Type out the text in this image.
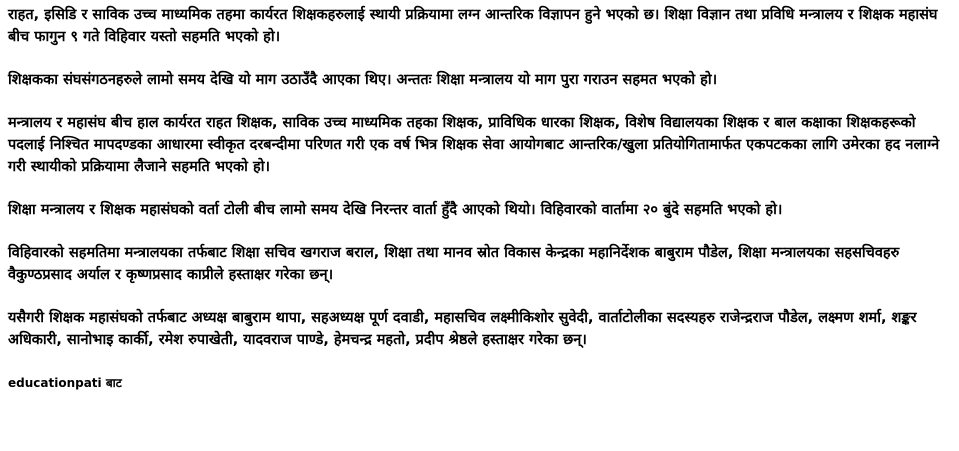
राहत, इसिडि र साविक उच्च माध्यमिक तहमा कार्यरत शिक्षकहरुलाई स्थायी प्रक्रियामा लग्न आन्तरिक विज्ञापन हुने भएको छ। शिक्षा विज्ञान तथा प्रविधि मन्त्रालय र शिक्षक महासंघ बीच फागुन ९ गते विहिवार यस्तो सहमति भएको हो।

शिक्षकका संघसंगठनहरुले लामो समय देखि यो माग उठाउँदै आएका थिए। अन्ततः शिक्षा मन्त्रालय यो माग पुरा गराउन सहमत भएको हो।

मन्त्रालय र महासंघ बीच हाल कार्यरत राहत शिक्षक, साविक उच्च माध्यमिक तहका शिक्षक, प्राविधिक धारका शिक्षक, विशेष विद्यालयका शिक्षक र बाल कक्षाका शिक्षकहरूको पदलाई निश्चित मापदण्डका आधारमा स्वीकृत दरबन्दीमा परिणत गरी एक वर्ष भित्र शिक्षक सेवा आयोगबाट आन्तरिक/खुला प्रतियोगितामार्फत एकपटकका लागि उमेरका हद नलाग्ने गरी स्थायीको प्रक्रियामा लैजाने सहमति भएको हो।

शिक्षा मन्त्रालय र शिक्षक महासंघको वर्ता टोली बीच लामो समय देखि निरन्तर वार्ता हुँदै आएको थियो। विहिवारको वार्तामा २० बुंदे सहमति भएको हो।

विहिवारको सहमतिमा मन्त्रालयका तर्फबाट शिक्षा सचिव खगराज बराल, शिक्षा तथा मानव स्रोत विकास केन्द्रका महानिर्देशक बाबुराम पौडेल, शिक्षा मन्त्रालयका सहसचिवहरु वैकुण्ठप्रसाद अर्याल र कृष्णप्रसाद काप्रीले हस्ताक्षर गरेका छन्।

यसैगरी शिक्षक महासंघको तर्फबाट अध्यक्ष बाबुराम थापा, सहअध्यक्ष पूर्ण दवाडी, महासचिव लक्ष्मीकिशोर सुवेदी, वार्ताटोलीका सदस्यहरु राजेन्द्रराज पौडेल, लक्ष्मण शर्मा, शङ्कर अधिकारी, सानोभाइ कार्की, रमेश रुपाखेती, यादवराज पाण्डे, हेमचन्द्र महतो, प्रदीप श्रेष्ठले हस्ताक्षर गरेका छन्।

educationpati बाट
